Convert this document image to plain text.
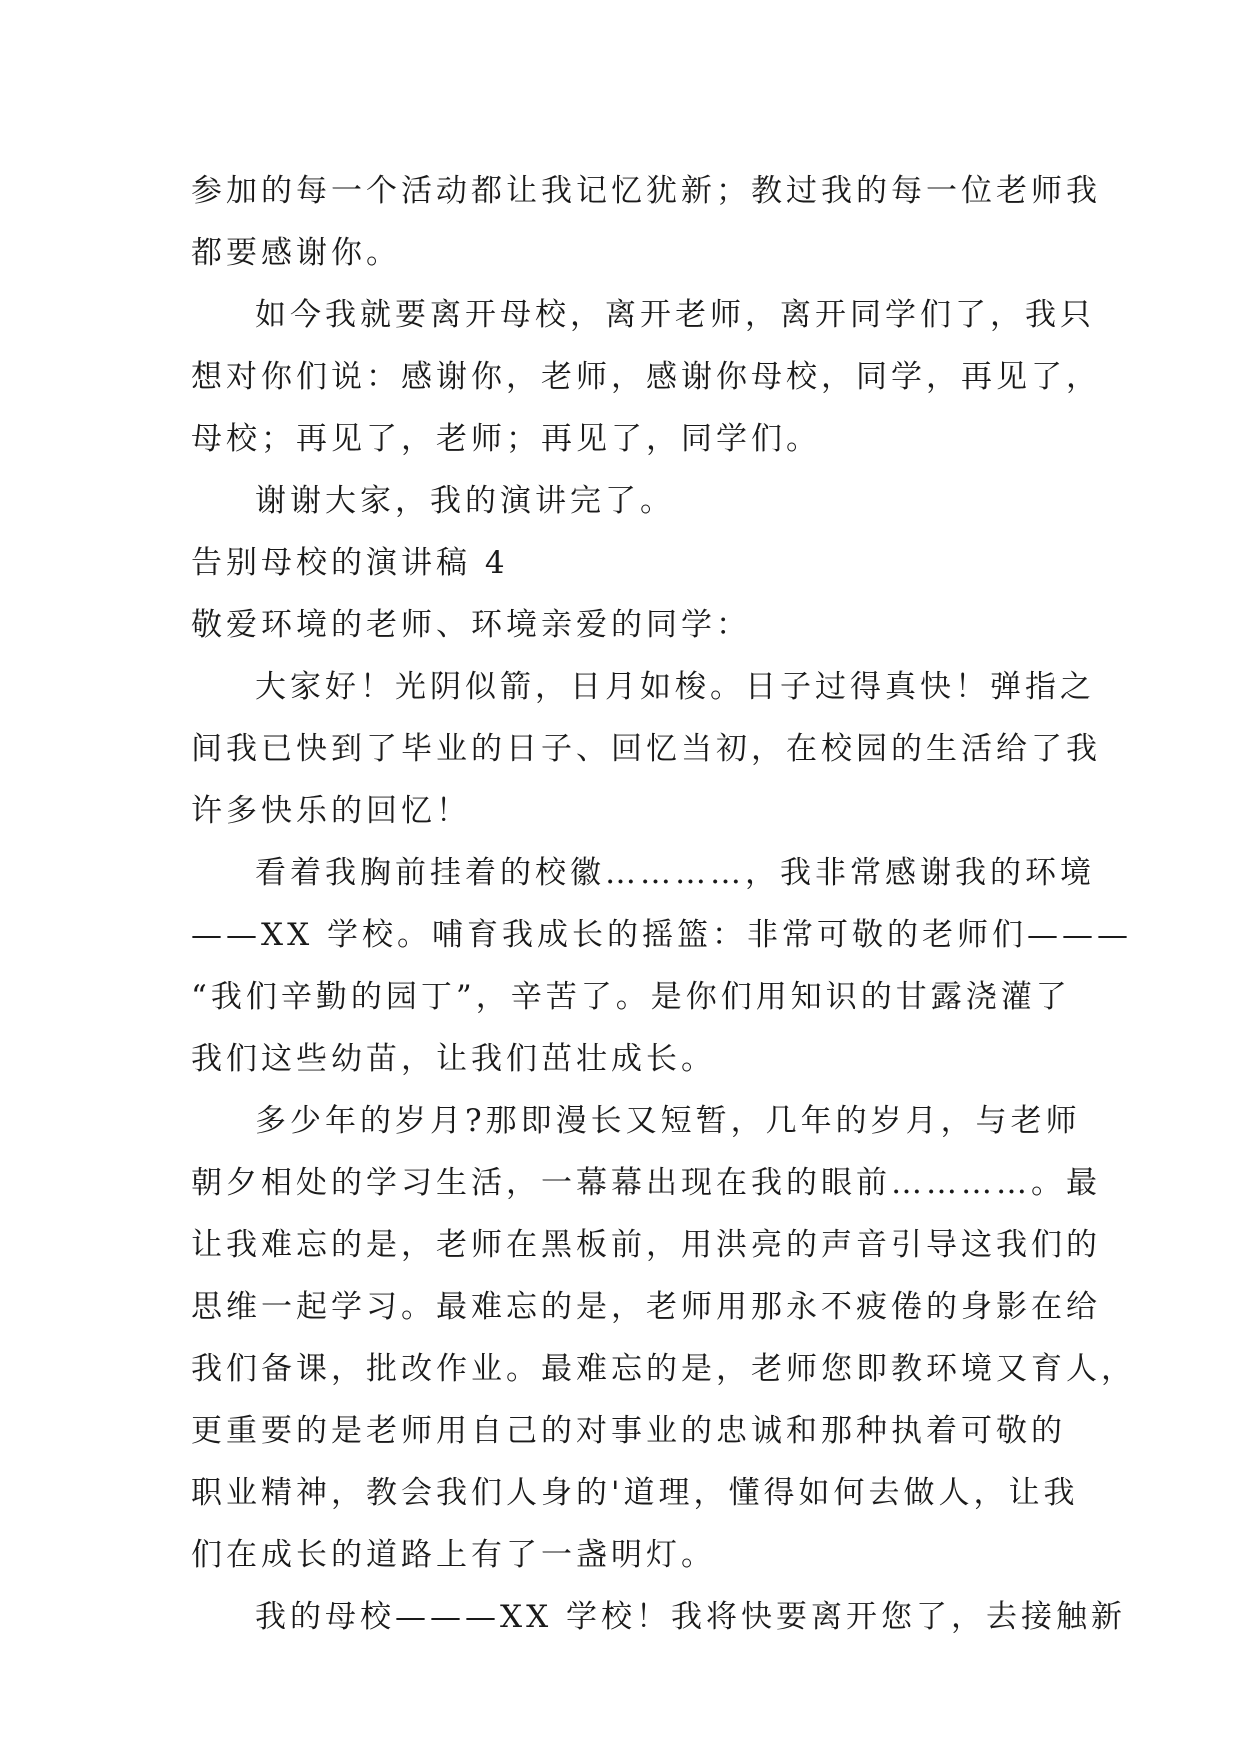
参加的每一个活动都让我记忆犹新；教过我的每一位老师我
都要感谢你。
如今我就要离开母校，离开老师，离开同学们了，我只
想对你们说：感谢你，老师，感谢你母校，同学，再见了，
母校；再见了，老师；再见了，同学们。
谢谢大家，我的演讲完了。
告别母校的演讲稿 4
敬爱环境的老师、环境亲爱的同学：
大家好！光阴似箭，日月如梭。日子过得真快！弹指之
间我已快到了毕业的日子、回忆当初，在校园的生活给了我
许多快乐的回忆！
看着我胸前挂着的校徽…………，我非常感谢我的环境
——XX 学校。哺育我成长的摇篮：非常可敬的老师们———
“我们辛勤的园丁”，辛苦了。是你们用知识的甘露浇灌了
我们这些幼苗，让我们茁壮成长。
多少年的岁月?那即漫长又短暂，几年的岁月，与老师
朝夕相处的学习生活，一幕幕出现在我的眼前…………。最
让我难忘的是，老师在黑板前，用洪亮的声音引导这我们的
思维一起学习。最难忘的是，老师用那永不疲倦的身影在给
我们备课，批改作业。最难忘的是，老师您即教环境又育人，
更重要的是老师用自己的对事业的忠诚和那种执着可敬的
职业精神，教会我们人身的'道理，懂得如何去做人，让我
们在成长的道路上有了一盏明灯。
我的母校———XX 学校！我将快要离开您了，去接触新
